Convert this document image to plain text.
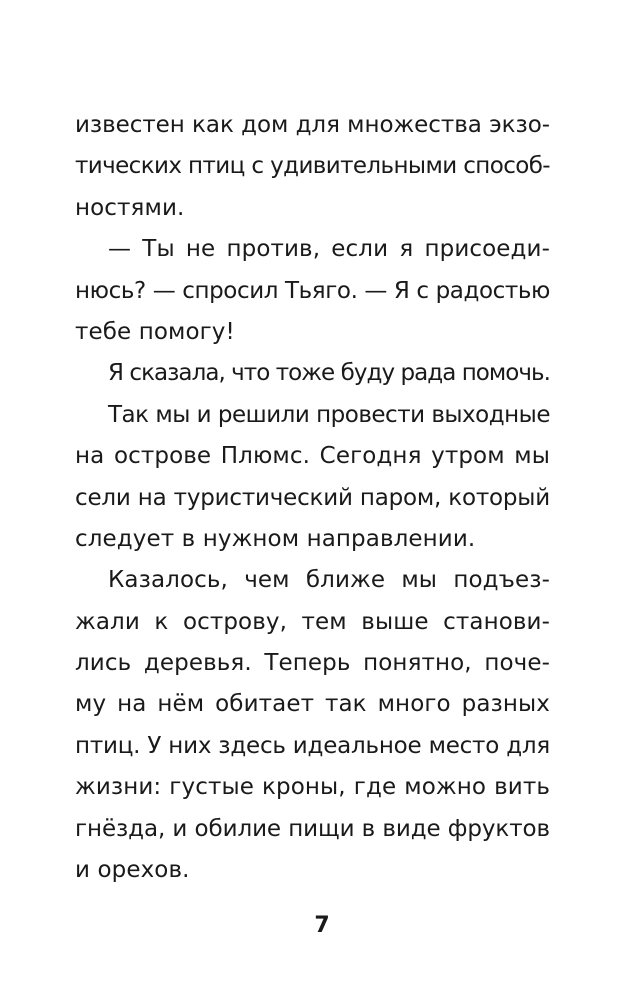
известен как дом для множества экзо-
тических птиц с удивительными способ-
ностями.
— Ты не против, если я присоеди-
нюсь? — спросил Тьяго. — Я с радостью
тебе помогу!
Я сказала, что тоже буду рада помочь.
Так мы и решили провести выходные
на острове Плюмс. Сегодня утром мы
сели на туристический паром, который
следует в нужном направлении.
Казалось, чем ближе мы подъез-
жали к острову, тем выше станови-
лись деревья. Теперь понятно, поче-
му на нём обитает так много разных
птиц. У них здесь идеальное место для
жизни: густые кроны, где можно вить
гнёзда, и обилие пищи в виде фруктов
и орехов.
7
